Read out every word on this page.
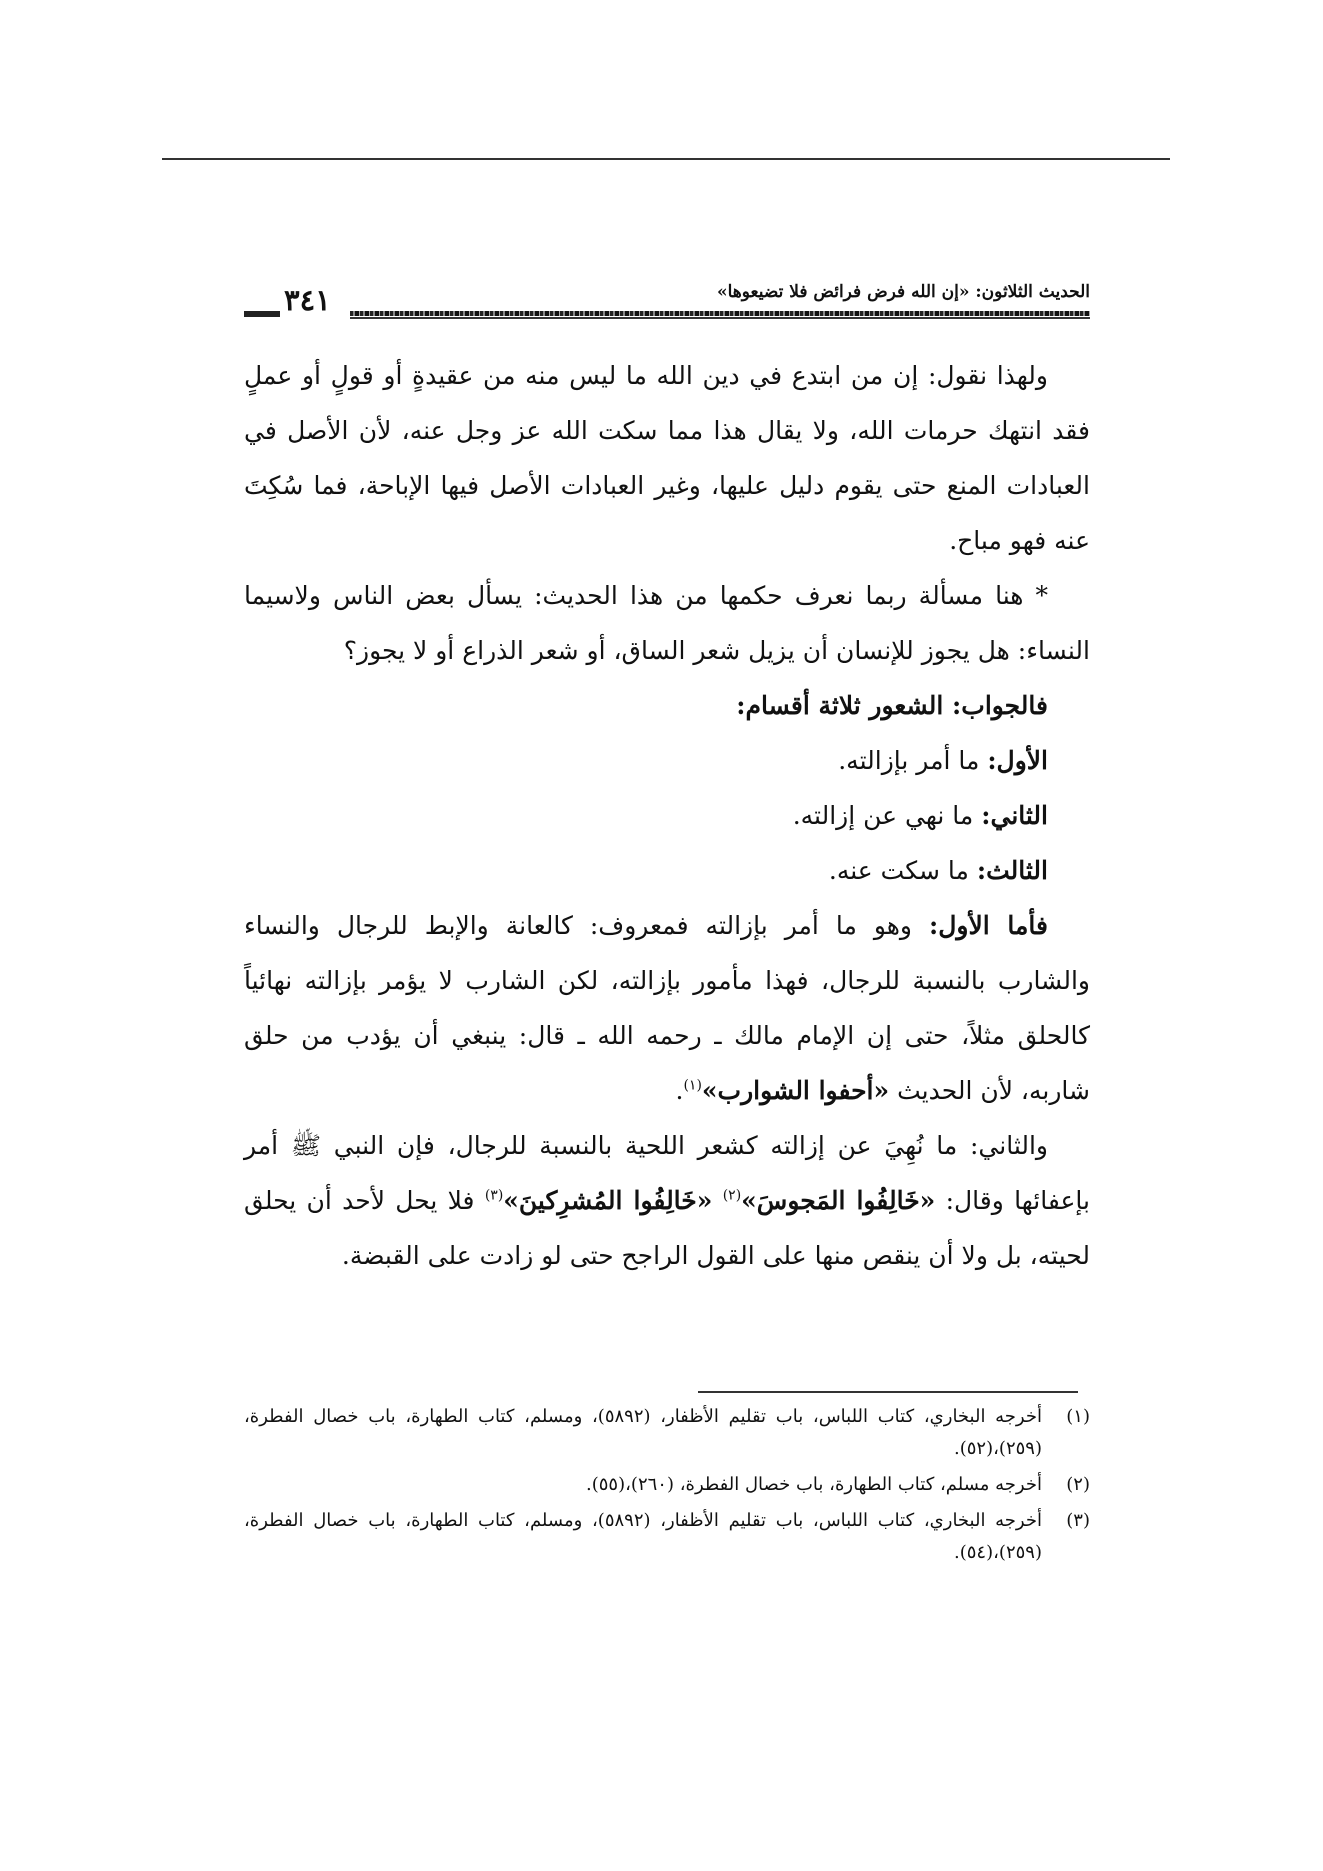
الحديث الثلاثون: «إن الله فرض فرائض فلا تضيعوها»
٣٤١

ولهذا نقول: إن من ابتدع في دين الله ما ليس منه من عقيدةٍ أو قولٍ أو عملٍ فقد انتهك حرمات الله، ولا يقال هذا مما سكت الله عز وجل عنه، لأن الأصل في العبادات المنع حتى يقوم دليل عليها، وغير العبادات الأصل فيها الإباحة، فما سُكِتَ عنه فهو مباح.

* هنا مسألة ربما نعرف حكمها من هذا الحديث: يسأل بعض الناس ولاسيما النساء: هل يجوز للإنسان أن يزيل شعر الساق، أو شعر الذراع أو لا يجوز؟

فالجواب: الشعور ثلاثة أقسام:

الأول: ما أمر بإزالته.

الثاني: ما نهي عن إزالته.

الثالث: ما سكت عنه.

فأما الأول: وهو ما أمر بإزالته فمعروف: كالعانة والإبط للرجال والنساء والشارب بالنسبة للرجال، فهذا مأمور بإزالته، لكن الشارب لا يؤمر بإزالته نهائياً كالحلق مثلاً، حتى إن الإمام مالك ـ رحمه الله ـ قال: ينبغي أن يؤدب من حلق شاربه، لأن الحديث «أحفوا الشوارب»$^{(١)}$.

والثاني: ما نُهِيَ عن إزالته كشعر اللحية بالنسبة للرجال، فإن النبي ﷺ أمر بإعفائها وقال: «خَالِفُوا المَجوسَ»$^{(٢)}$ «خَالِفُوا المُشرِكينَ»$^{(٣)}$ فلا يحل لأحد أن يحلق لحيته، بل ولا أن ينقص منها على القول الراجح حتى لو زادت على القبضة.

(١)
أخرجه البخاري، كتاب اللباس، باب تقليم الأظفار، (٥٨٩٢)، ومسلم، كتاب الطهارة، باب خصال الفطرة، (٢٥٩)،(٥٢).
(٢)
أخرجه مسلم، كتاب الطهارة، باب خصال الفطرة، (٢٦٠)،(٥٥).
(٣)
أخرجه البخاري، كتاب اللباس، باب تقليم الأظفار، (٥٨٩٢)، ومسلم، كتاب الطهارة، باب خصال الفطرة، (٢٥٩)،(٥٤).
